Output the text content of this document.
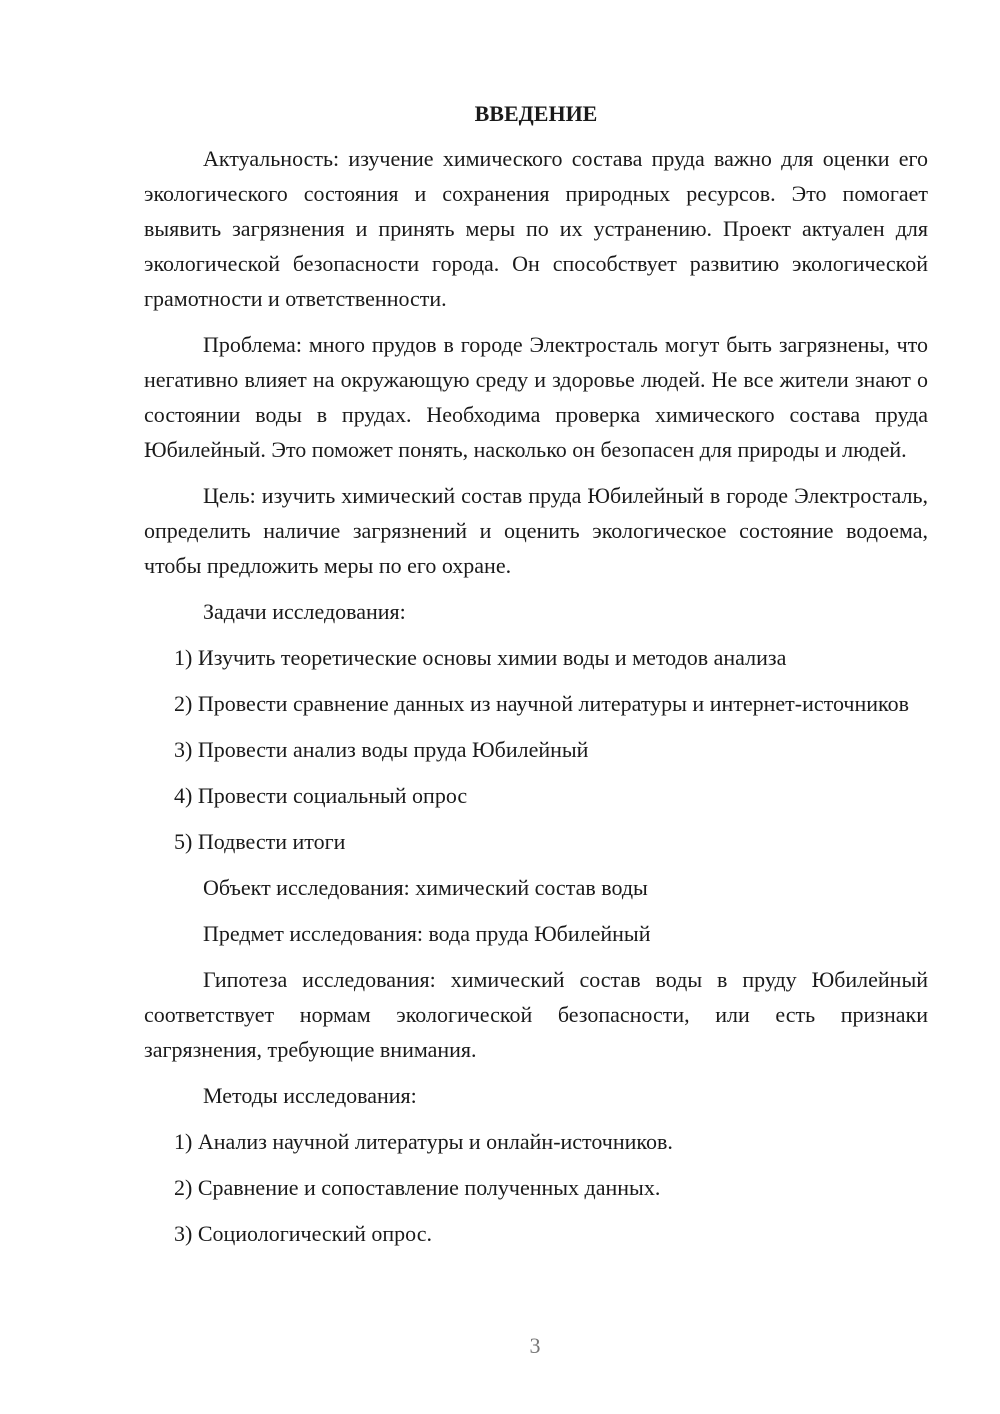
ВВЕДЕНИЕ

Актуальность: изучение химического состава пруда важно для оценки его экологического состояния и сохранения природных ресурсов. Это помогает выявить загрязнения и принять меры по их устранению. Проект актуален для экологической безопасности города. Он способствует развитию экологической грамотности и ответственности.

Проблема: много прудов в городе Электросталь могут быть загрязнены, что негативно влияет на окружающую среду и здоровье людей. Не все жители знают о состоянии воды в прудах. Необходима проверка химического состава пруда Юбилейный. Это поможет понять, насколько он безопасен для природы и людей.

Цель: изучить химический состав пруда Юбилейный в городе Электросталь, определить наличие загрязнений и оценить экологическое состояние водоема, чтобы предложить меры по его охране.

Задачи исследования:

1) Изучить теоретические основы химии воды и методов анализа

2) Провести сравнение данных из научной литературы и интернет-источников

3) Провести анализ воды пруда Юбилейный

4) Провести социальный опрос

5) Подвести итоги

Объект исследования: химический состав воды

Предмет исследования: вода пруда Юбилейный

Гипотеза исследования: химический состав воды в пруду Юбилейный соответствует нормам экологической безопасности, или есть признаки загрязнения, требующие внимания.

Методы исследования:

1) Анализ научной литературы и онлайн-источников.

2) Сравнение и сопоставление полученных данных.

3) Социологический опрос.

3
